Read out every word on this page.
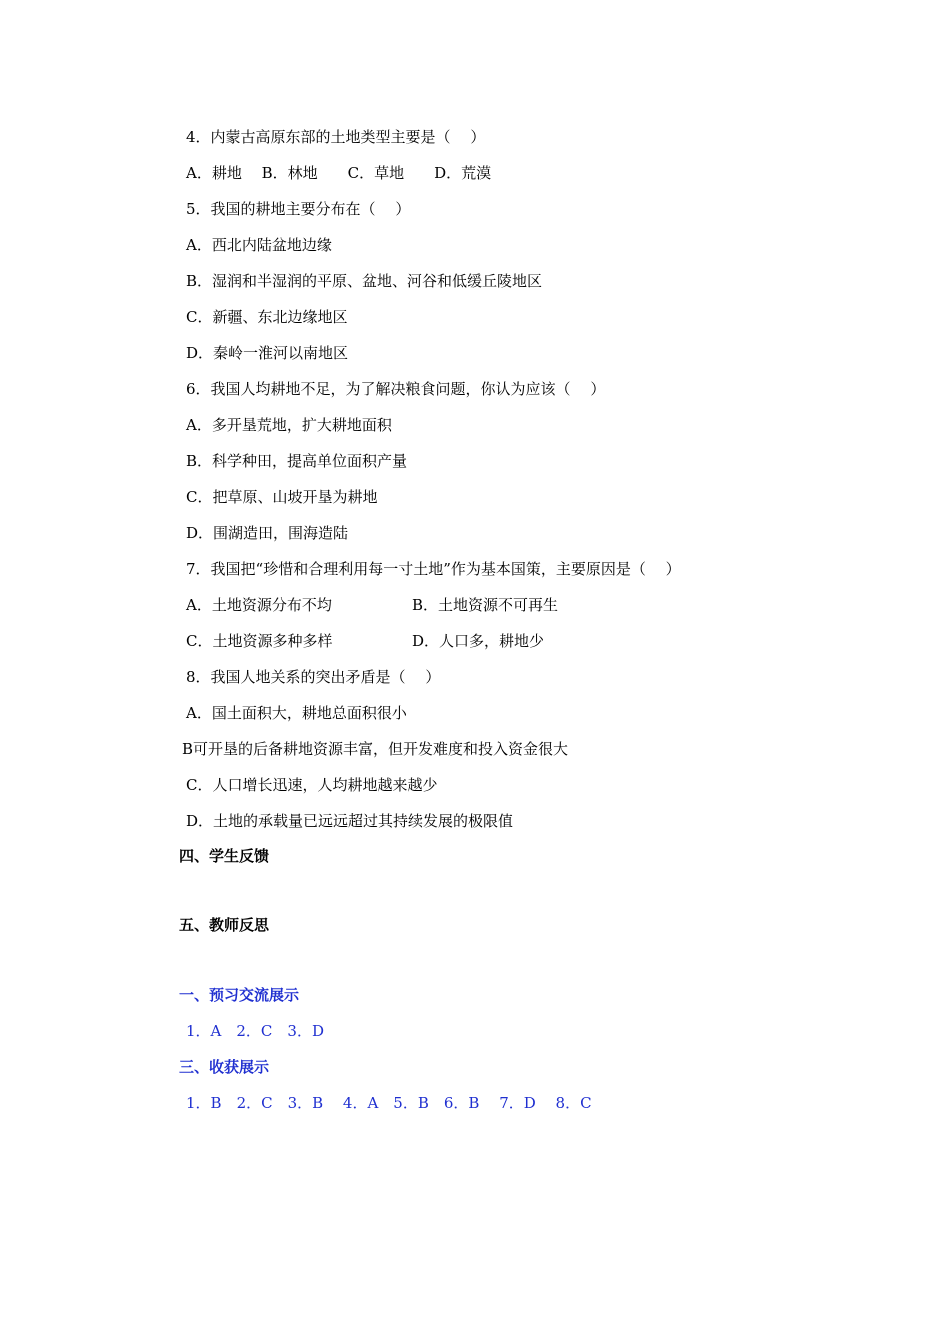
4．内蒙古高原东部的土地类型主要是（　 ）
A．耕地　 B．林地　　C．草地　　D．荒漠
5．我国的耕地主要分布在（　 ）
A．西北内陆盆地边缘
B．湿润和半湿润的平原、盆地、河谷和低缓丘陵地区
C．新疆、东北边缘地区
D．秦岭一淮河以南地区
6．我国人均耕地不足，为了解决粮食问题，你认为应该（　 ）
A．多开垦荒地，扩大耕地面积
B．科学种田，提高单位面积产量
C．把草原、山坡开垦为耕地
D．围湖造田，围海造陆
7．我国把“珍惜和合理利用每一寸土地”作为基本国策，主要原因是（　 ）
A．土地资源分布不均	B．土地资源不可再生
C．土地资源多种多样	D．人口多，耕地少
8．我国人地关系的突出矛盾是（　 ）
A．国土面积大，耕地总面积很小
B可开垦的后备耕地资源丰富，但开发难度和投入资金很大
C．人口增长迅速，人均耕地越来越少
D．土地的承载量已远远超过其持续发展的极限值
四、学生反馈
五、教师反思
一、预习交流展示
1．A　2．C　3．D
三、收获展示
1．B　2．C　3．B　 4．A　5．B　6．B　 7．D　 8．C
